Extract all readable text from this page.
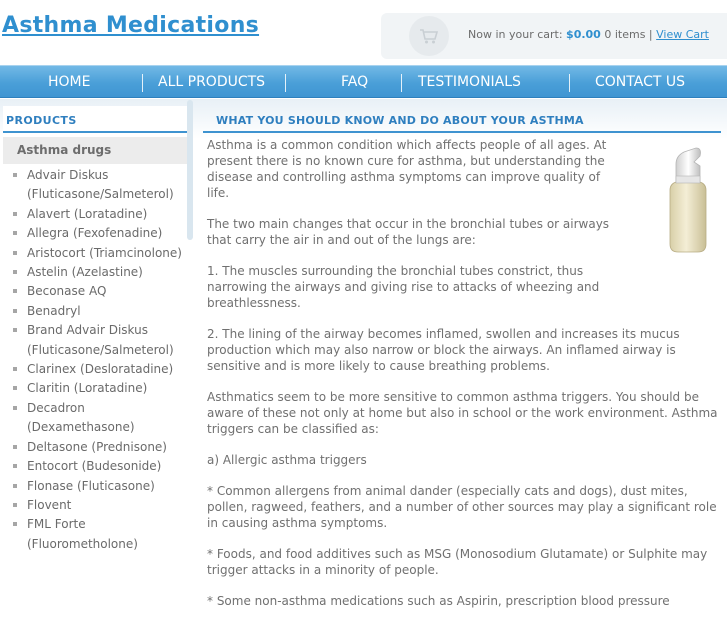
Asthma Medications	Now in your cart: $0.00 0 items | View Cart
HOME	ALL PRODUCTS	FAQ	TESTIMONIALS	CONTACT US
PRODUCTS
Asthma drugs
Advair Diskus (Fluticasone/Salmeterol)
Alavert (Loratadine)
Allegra (Fexofenadine)
Aristocort (Triamcinolone)
Astelin (Azelastine)
Beconase AQ
Benadryl
Brand Advair Diskus (Fluticasone/Salmeterol)
Clarinex (Desloratadine)
Claritin (Loratadine)
Decadron (Dexamethasone)
Deltasone (Prednisone)
Entocort (Budesonide)
Flonase (Fluticasone)
Flovent
FML Forte (Fluorometholone)
WHAT YOU SHOULD KNOW AND DO ABOUT YOUR ASTHMA

Asthma is a common condition which affects people of all ages. At present there is no known cure for asthma, but understanding the disease and controlling asthma symptoms can improve quality of life.

The two main changes that occur in the bronchial tubes or airways that carry the air in and out of the lungs are:

1. The muscles surrounding the bronchial tubes constrict, thus narrowing the airways and giving rise to attacks of wheezing and breathlessness.

2. The lining of the airway becomes inflamed, swollen and increases its mucus production which may also narrow or block the airways. An inflamed airway is sensitive and is more likely to cause breathing problems.

Asthmatics seem to be more sensitive to common asthma triggers. You should be aware of these not only at home but also in school or the work environment. Asthma triggers can be classified as:

a) Allergic asthma triggers

* Common allergens from animal dander (especially cats and dogs), dust mites, pollen, ragweed, feathers, and a number of other sources may play a significant role in causing asthma symptoms.

* Foods, and food additives such as MSG (Monosodium Glutamate) or Sulphite may trigger attacks in a minority of people.

* Some non-asthma medications such as Aspirin, prescription blood pressure
